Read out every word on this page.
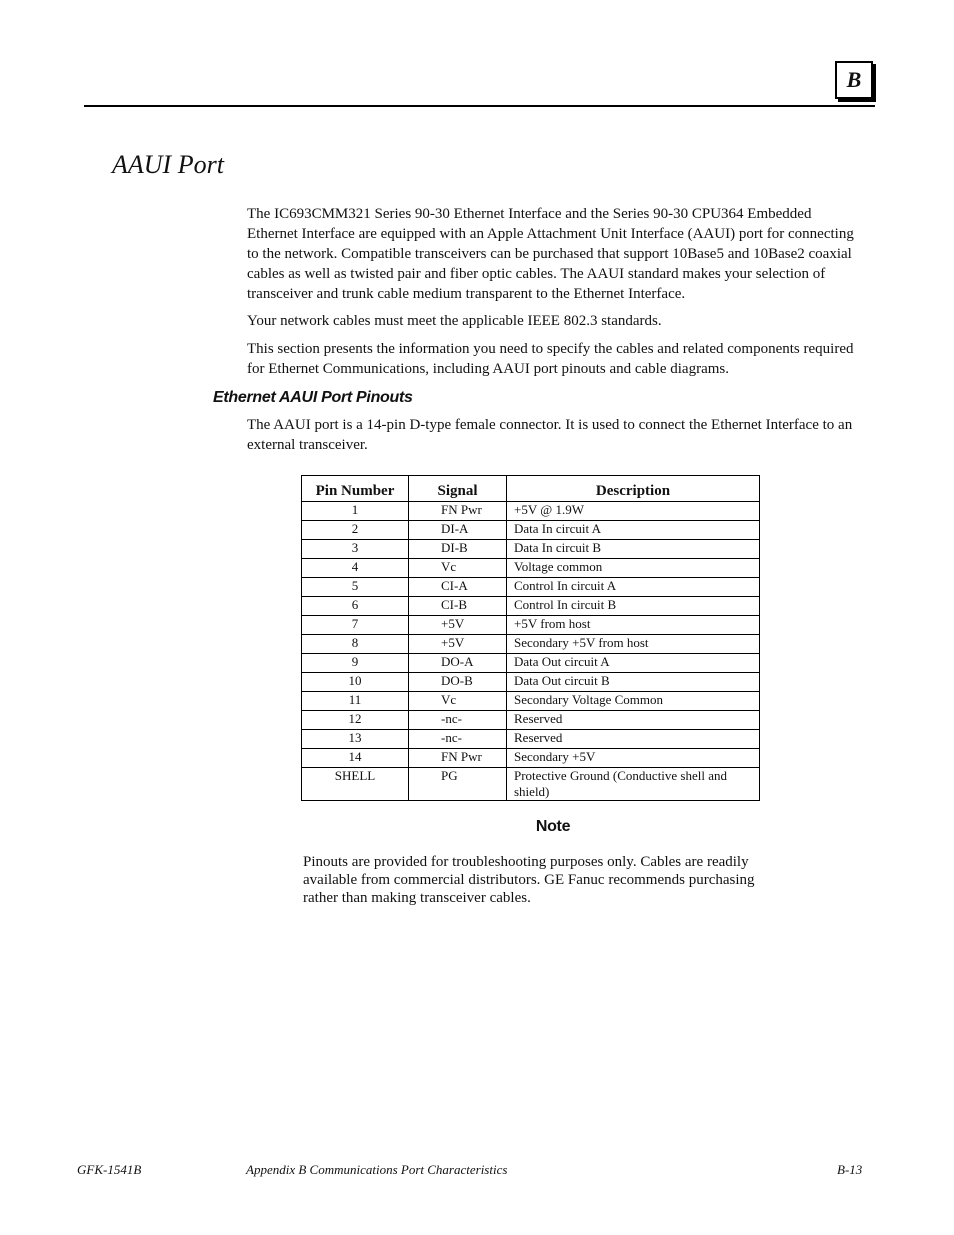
B
AAUI Port

The IC693CMM321 Series 90-30 Ethernet Interface and the Series 90-30 CPU364 Embedded Ethernet Interface are equipped with an Apple Attachment Unit Interface (AAUI) port for connecting to the network. Compatible transceivers can be purchased that support 10Base5 and 10Base2 coaxial cables as well as twisted pair and fiber optic cables. The AAUI standard makes your selection of transceiver and trunk cable medium transparent to the Ethernet Interface.

Your network cables must meet the applicable IEEE 802.3 standards.

This section presents the information you need to specify the cables and related components required for Ethernet Communications, including AAUI port pinouts and cable diagrams.

Ethernet AAUI Port Pinouts

The AAUI port is a 14-pin D-type female connector. It is used to connect the Ethernet Interface to an external transceiver.

Pin Number	Signal	Description
1	FN Pwr	+5V @ 1.9W
2	DI-A	Data In circuit A
3	DI-B	Data In circuit B
4	Vc	Voltage common
5	CI-A	Control In circuit A
6	CI-B	Control In circuit B
7	+5V	+5V from host
8	+5V	Secondary +5V from host
9	DO-A	Data Out circuit A
10	DO-B	Data Out circuit B
11	Vc	Secondary Voltage Common
12	-nc-	Reserved
13	-nc-	Reserved
14	FN Pwr	Secondary +5V
SHELL	PG	Protective Ground (Conductive shell and shield)
Note

Pinouts are provided for troubleshooting purposes only. Cables are readily available from commercial distributors. GE Fanuc recommends purchasing rather than making transceiver cables.

GFK-1541B	Appendix B Communications Port Characteristics	B-13
